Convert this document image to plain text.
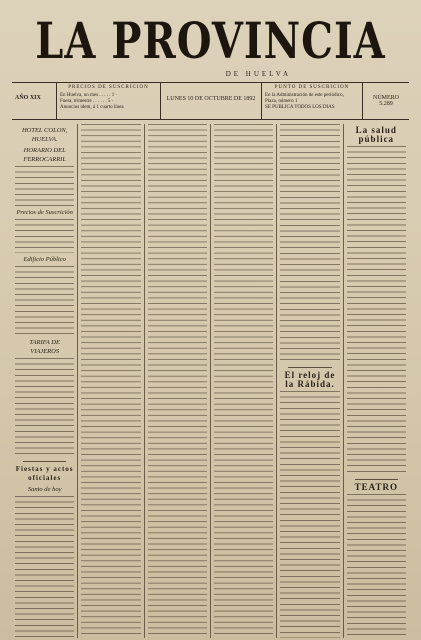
LA PROVINCIA
DE HUELVA
AÑO XIX
PRECIOS DE SUSCRICION
En Huelva, un mes . . . . . 1 ·
Fuera, trimestre . . . . . . 5 ·
Anuncios idem, á 1 cuarto línea
LUNES 10 DE OCTUBRE DE 1892
PUNTO DE SUSCRICION
En la Administración de este periódico,
Plaza, número 1
SE PUBLICA TODOS LOS DIAS
NÚMERO 5.289
HOTEL COLON, HUELVA.
HORARIO DEL FERROCARRIL
Precios de Suscrición
Edificio Público
TARIFA DE VIAJEROS
Fiestas y actos oficiales
Santo de hoy
El reloj de la Rábida.
La salud pública
TEATRO
